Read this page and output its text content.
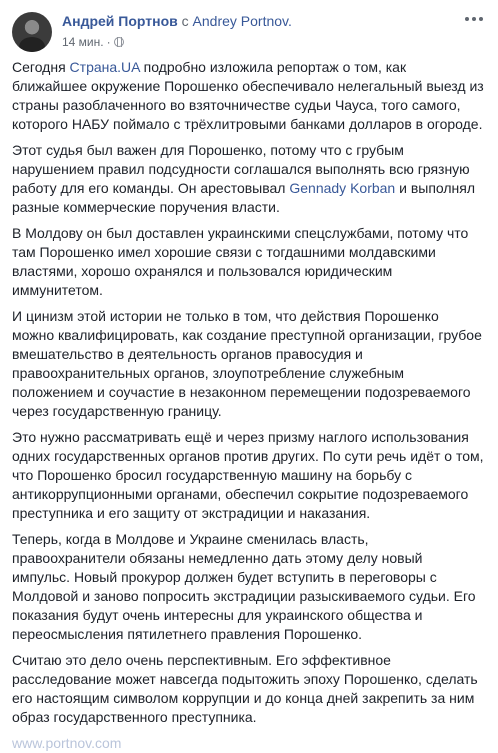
Андрей Портнов с Andrey Portnov.
14 мин. ·

Сегодня Страна.UA подробно изложила репортаж о том, как ближайшее окружение Порошенко обеспечивало нелегальный выезд из страны разоблаченного во взяточничестве судьи Чауса, того самого, которого НАБУ поймало с трёхлитровыми банками долларов в огороде.

Этот судья был важен для Порошенко, потому что с грубым нарушением правил подсудности соглашался выполнять всю грязную работу для его команды. Он арестовывал Gennady Korban и выполнял разные коммерческие поручения власти.

В Молдову он был доставлен украинскими спецслужбами, потому что там Порошенко имел хорошие связи с тогдашними молдавскими властями, хорошо охранялся и пользовался юридическим иммунитетом.

И цинизм этой истории не только в том, что действия Порошенко можно квалифицировать, как создание преступной организации, грубое вмешательство в деятельность органов правосудия и правоохранительных органов, злоупотребление служебным положением и соучастие в незаконном перемещении подозреваемого через государственную границу.

Это нужно рассматривать ещё и через призму наглого использования одних государственных органов против других. По сути речь идёт о том, что Порошенко бросил государственную машину на борьбу с антикоррупционными органами, обеспечил сокрытие подозреваемого преступника и его защиту от экстрадиции и наказания.

Теперь, когда в Молдове и Украине сменилась власть, правоохранители обязаны немедленно дать этому делу новый импульс. Новый прокурор должен будет вступить в переговоры с Молдовой и заново попросить экстрадиции разыскиваемого судьи. Его показания будут очень интересны для украинского общества и переосмысления пятилетнего правления Порошенко.

Считаю это дело очень перспективным. Его эффективное расследование может навсегда подытожить эпоху Порошенко, сделать его настоящим символом коррупции и до конца дней закрепить за ним образ государственного преступника.

www.portnov.com
